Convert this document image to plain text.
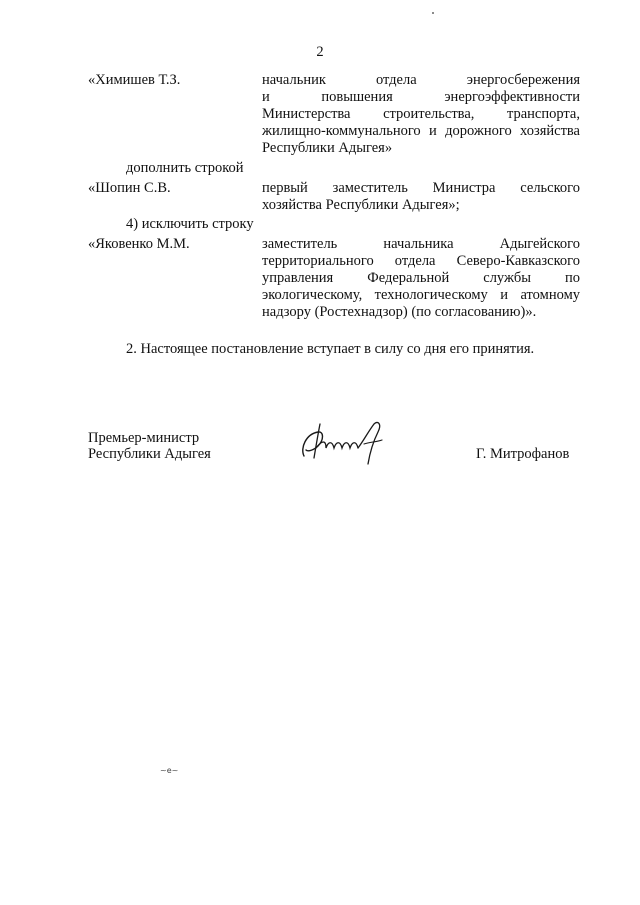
2
«Химишев Т.З.	начальник отдела энергосбережения
и повышения энергоэффективности
Министерства строительства, транспорта,
жилищно-коммунального и дорожного хозяйства
Республики Адыгея»
дополнить строкой
«Шопин С.В.	первый заместитель Министра сельского
хозяйства Республики Адыгея»;
4) исключить строку
«Яковенко М.М.	заместитель начальника Адыгейского
территориального отдела Северо-Кавказского
управления Федеральной службы по
экологическому, технологическому и атомному
надзору (Ростехнадзор) (по согласованию)».
2. Настоящее постановление вступает в силу со дня его принятия.
Премьер-министр
Республики Адыгея	Г. Митрофанов
~e~
